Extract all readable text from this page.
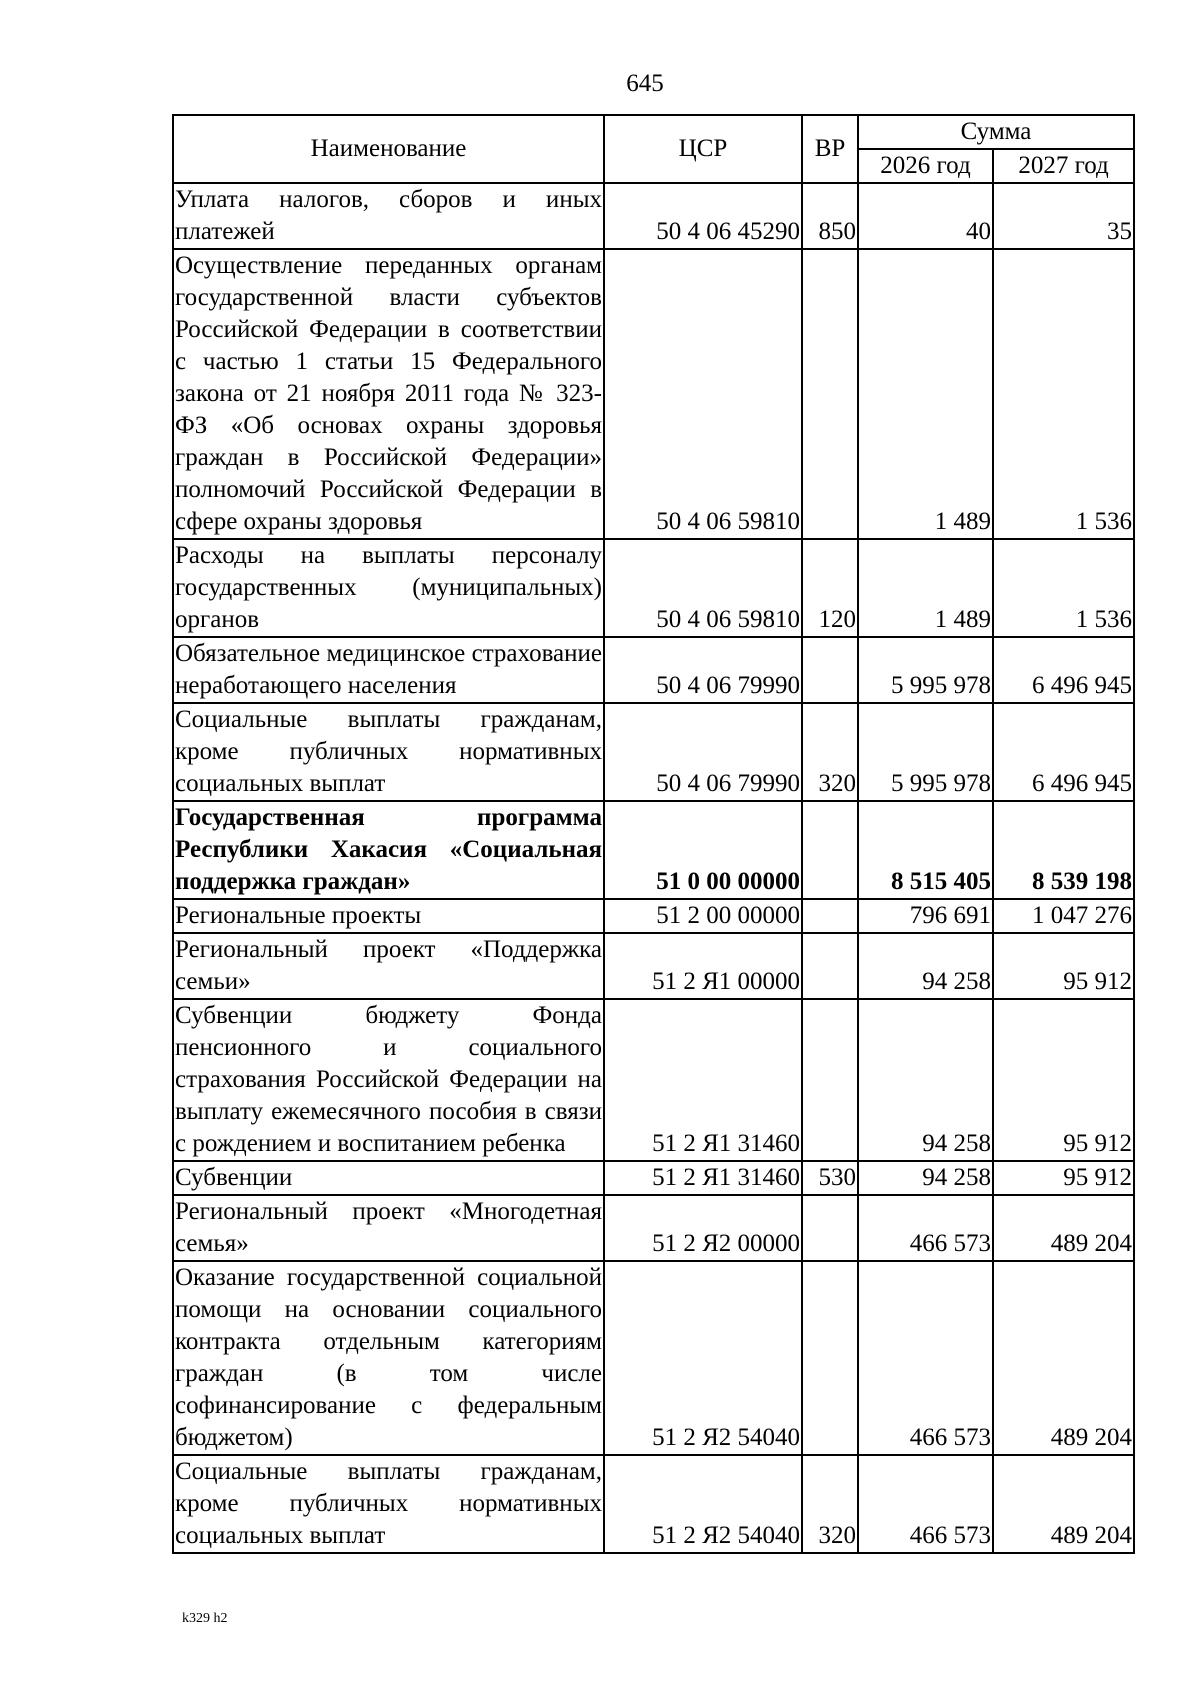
645
Наименование	ЦСР	ВР	Сумма	
			2026 год	2027 год
Уплата налогов, сборов и иных платежей	50 4 06 45290	850	40	35
Осуществление переданных органам государственной власти субъектов Российской Федерации в соответствии с частью 1 статьи 15 Федерального закона от 21 ноября 2011 года № 323-ФЗ «Об основах охраны здоровья граждан в Российской Федерации» полномочий Российской Федерации в сфере охраны здоровья	50 4 06 59810		1 489	1 536
Расходы на выплаты персоналу государственных (муниципальных) органов	50 4 06 59810	120	1 489	1 536
Обязательное медицинское страхование неработающего населения	50 4 06 79990		5 995 978	6 496 945
Социальные выплаты гражданам, кроме публичных нормативных социальных выплат	50 4 06 79990	320	5 995 978	6 496 945
Государственная программа Республики Хакасия «Социальная поддержка граждан»	51 0 00 00000		8 515 405	8 539 198
Региональные проекты	51 2 00 00000		796 691	1 047 276
Региональный проект «Поддержка семьи»	51 2 Я1 00000		94 258	95 912
Субвенции бюджету Фонда пенсионного и социального страхования Российской Федерации на выплату ежемесячного пособия в связи с рождением и воспитанием ребенка	51 2 Я1 31460		94 258	95 912
Субвенции	51 2 Я1 31460	530	94 258	95 912
Региональный проект «Многодетная семья»	51 2 Я2 00000		466 573	489 204
Оказание государственной социальной помощи на основании социального контракта отдельным категориям граждан (в том числе софинансирование с федеральным бюджетом)	51 2 Я2 54040		466 573	489 204
Социальные выплаты гражданам, кроме публичных нормативных социальных выплат	51 2 Я2 54040	320	466 573	489 204
k329 h2
